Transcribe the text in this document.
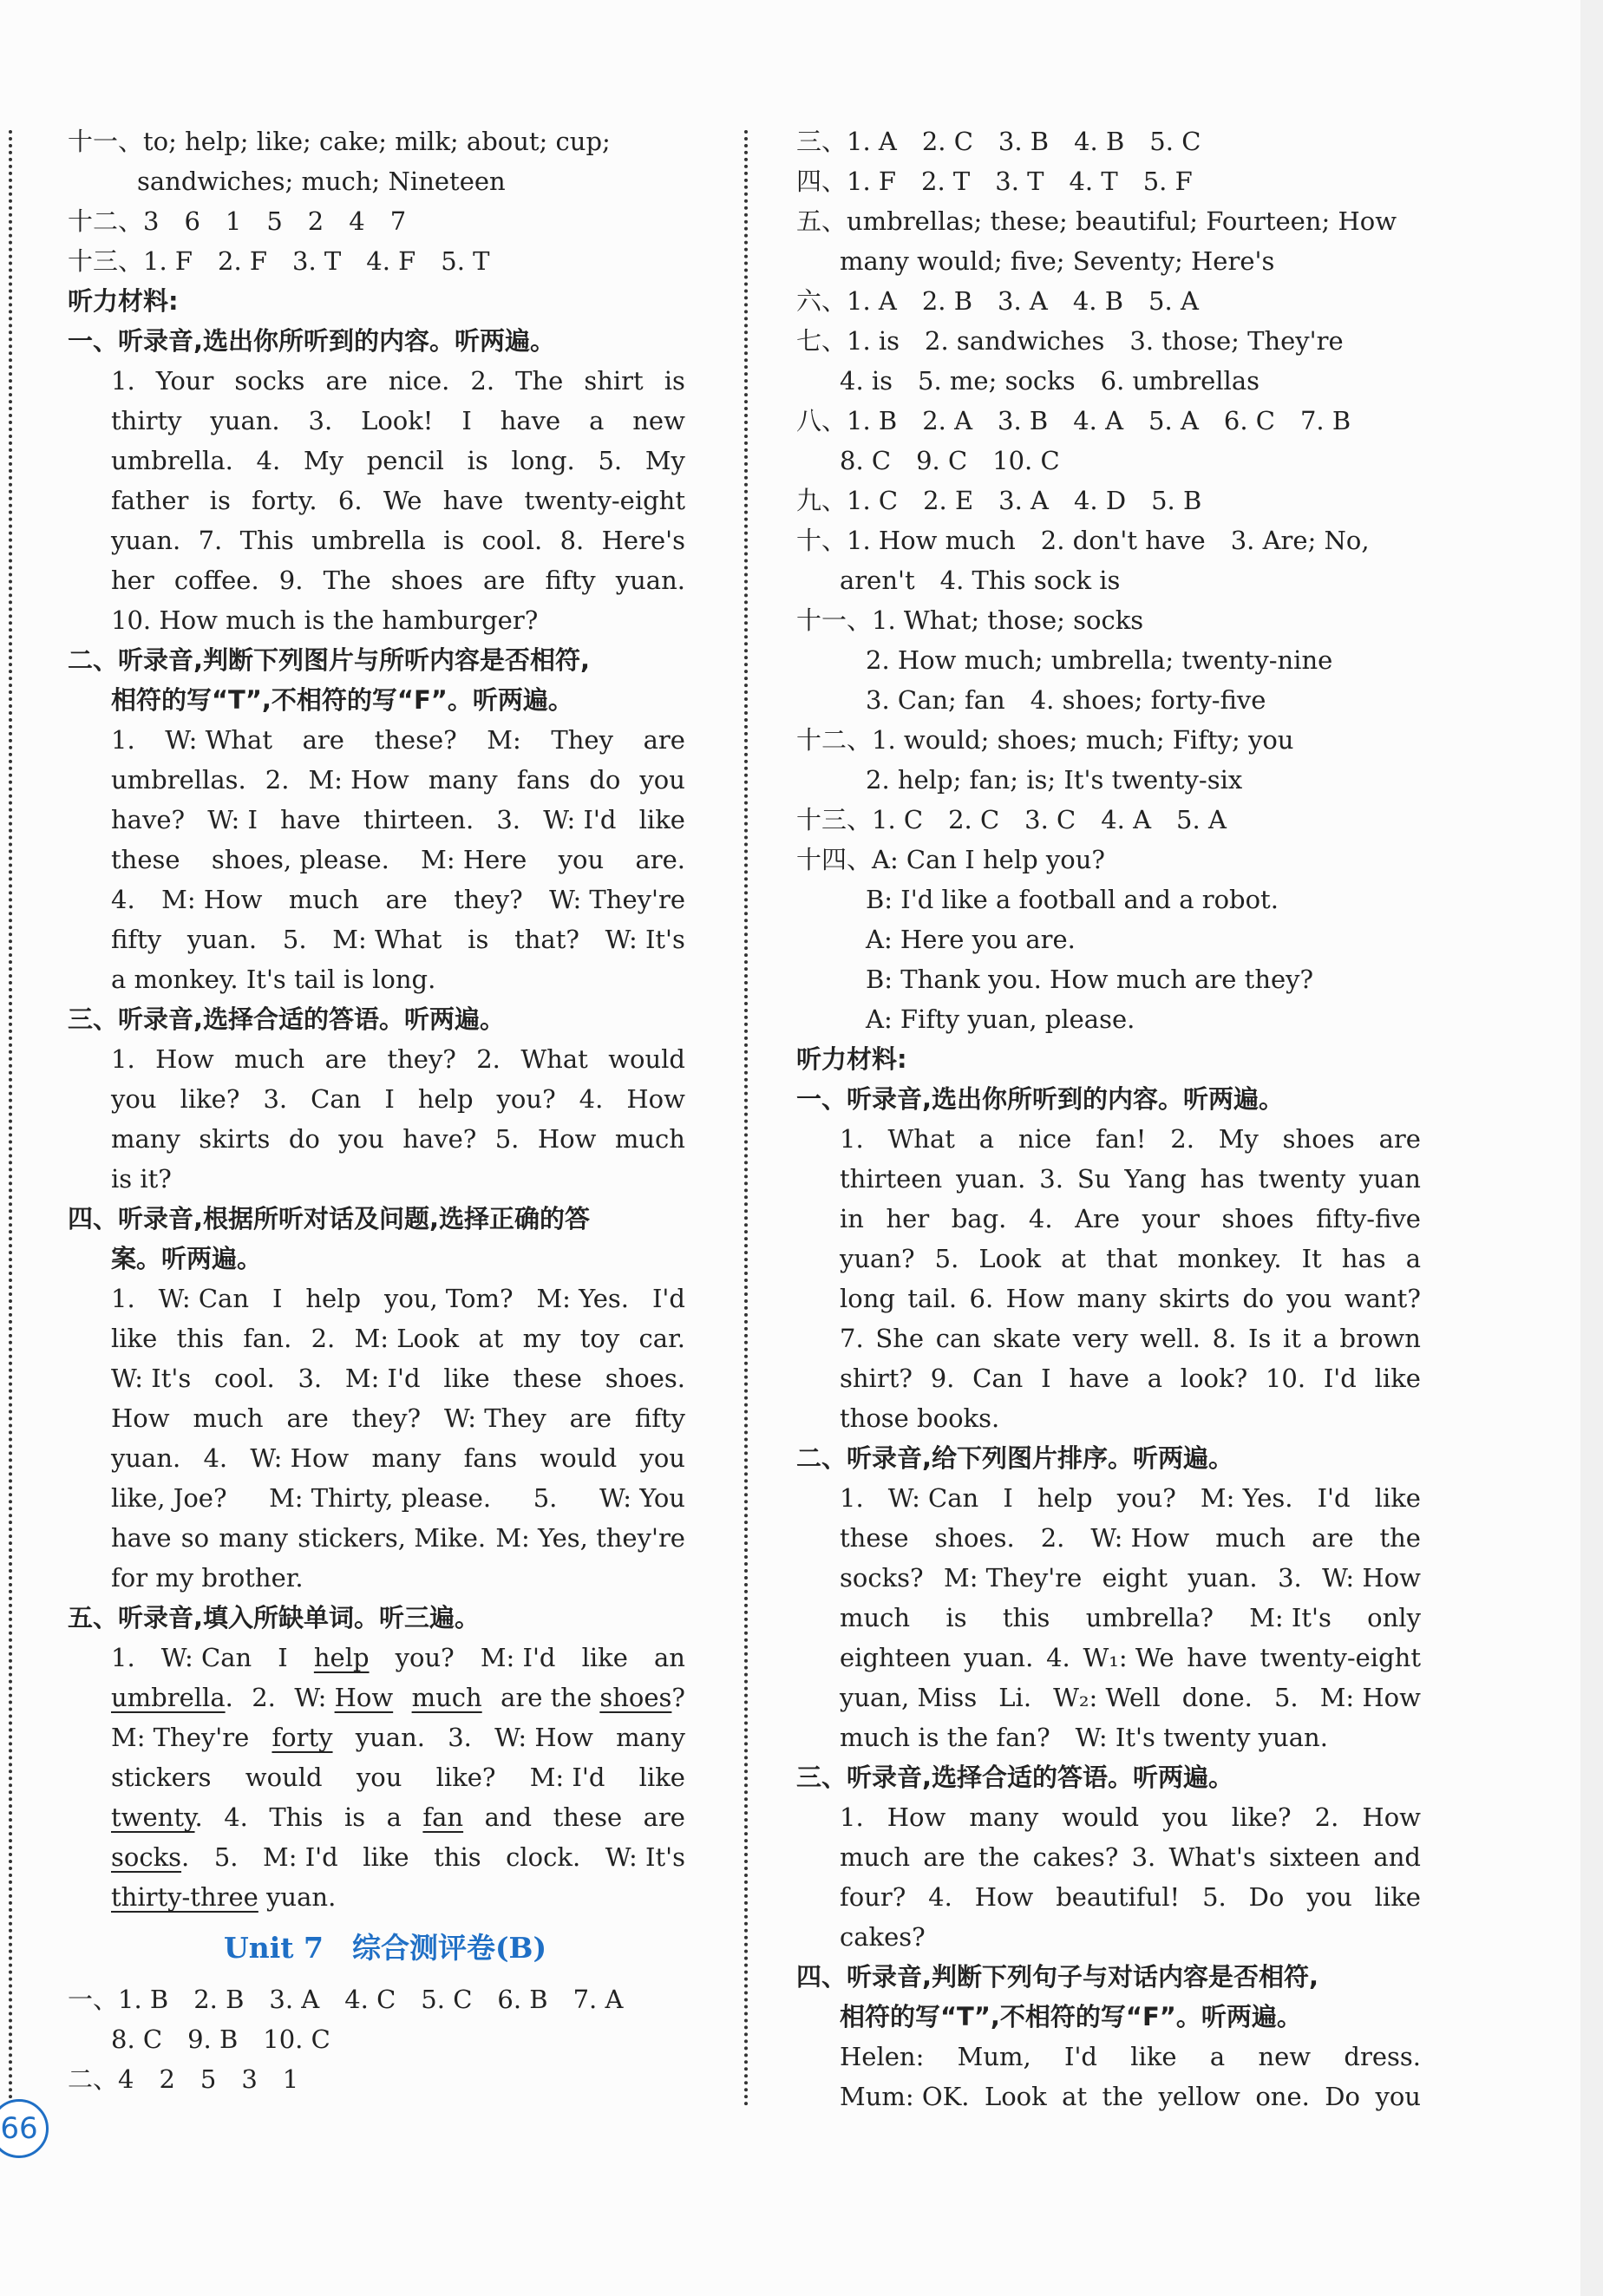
十一、to; help; like; cake; milk; about; cup;
sandwiches; much; Nineteen
十二、3　6　1　5　2　4　7
十三、1. F　2. F　3. T　4. F　5. T
听力材料:
一、听录音,选出你所听到的内容。听两遍。
1. Your socks are nice. 2. The shirt is
thirty yuan. 3. Look! I have a new
umbrella. 4. My pencil is long. 5. My
father is forty. 6. We have twenty-eight
yuan. 7. This umbrella is cool. 8. Here's
her coffee. 9. The shoes are fifty yuan.
10. How much is the hamburger?
二、听录音,判断下列图片与所听内容是否相符,
相符的写“T”,不相符的写“F”。听两遍。
1. W: What are these? M: They are
umbrellas. 2. M: How many fans do you
have? W: I have thirteen. 3. W: I'd like
these shoes, please. M: Here you are.
4. M: How much are they? W: They're
fifty yuan. 5. M: What is that? W: It's
a monkey. It's tail is long.
三、听录音,选择合适的答语。听两遍。
1. How much are they? 2. What would
you like? 3. Can I help you? 4. How
many skirts do you have? 5. How much
is it?
四、听录音,根据所听对话及问题,选择正确的答
案。听两遍。
1. W: Can I help you, Tom? M: Yes. I'd
like this fan. 2. M: Look at my toy car.
W: It's cool. 3. M: I'd like these shoes.
How much are they? W: They are fifty
yuan. 4. W: How many fans would you
like, Joe? M: Thirty, please. 5. W: You
have so many stickers, Mike. M: Yes, they're
for my brother.
五、听录音,填入所缺单词。听三遍。
1. W: Can I help you? M: I'd like an
umbrella. 2. W: How much are the shoes?
M: They're forty yuan. 3. W: How many
stickers would you like? M: I'd like
twenty. 4. This is a fan and these are
socks. 5. M: I'd like this clock. W: It's
thirty-three yuan.
Unit 7　综合测评卷(B)
一、1. B　2. B　3. A　4. C　5. C　6. B　7. A
8. C　9. B　10. C
二、4　2　5　3　1
三、1. A　2. C　3. B　4. B　5. C
四、1. F　2. T　3. T　4. T　5. F
五、umbrellas; these; beautiful; Fourteen; How
many would; five; Seventy; Here's
六、1. A　2. B　3. A　4. B　5. A
七、1. is　2. sandwiches　3. those; They're
4. is　5. me; socks　6. umbrellas
八、1. B　2. A　3. B　4. A　5. A　6. C　7. B
8. C　9. C　10. C
九、1. C　2. E　3. A　4. D　5. B
十、1. How much　2. don't have　3. Are; No,
aren't　4. This sock is
十一、1. What; those; socks
2. How much; umbrella; twenty-nine
3. Can; fan　4. shoes; forty-five
十二、1. would; shoes; much; Fifty; you
2. help; fan; is; It's twenty-six
十三、1. C　2. C　3. C　4. A　5. A
十四、A: Can I help you?
B: I'd like a football and a robot.
A: Here you are.
B: Thank you. How much are they?
A: Fifty yuan, please.
听力材料:
一、听录音,选出你所听到的内容。听两遍。
1. What a nice fan! 2. My shoes are
thirteen yuan. 3. Su Yang has twenty yuan
in her bag. 4. Are your shoes fifty-five
yuan? 5. Look at that monkey. It has a
long tail. 6. How many skirts do you want?
7. She can skate very well. 8. Is it a brown
shirt? 9. Can I have a look? 10. I'd like
those books.
二、听录音,给下列图片排序。听两遍。
1. W: Can I help you? M: Yes. I'd like
these shoes. 2. W: How much are the
socks? M: They're eight yuan. 3. W: How
much is this umbrella? M: It's only
eighteen yuan. 4. W₁: We have twenty-eight
yuan, Miss Li. W₂: Well done. 5. M: How
much is the fan?　W: It's twenty yuan.
三、听录音,选择合适的答语。听两遍。
1. How many would you like? 2. How
much are the cakes? 3. What's sixteen and
four? 4. How beautiful! 5. Do you like
cakes?
四、听录音,判断下列句子与对话内容是否相符,
相符的写“T”,不相符的写“F”。听两遍。
Helen: Mum, I'd like a new dress.
Mum: OK. Look at the yellow one. Do you
66
